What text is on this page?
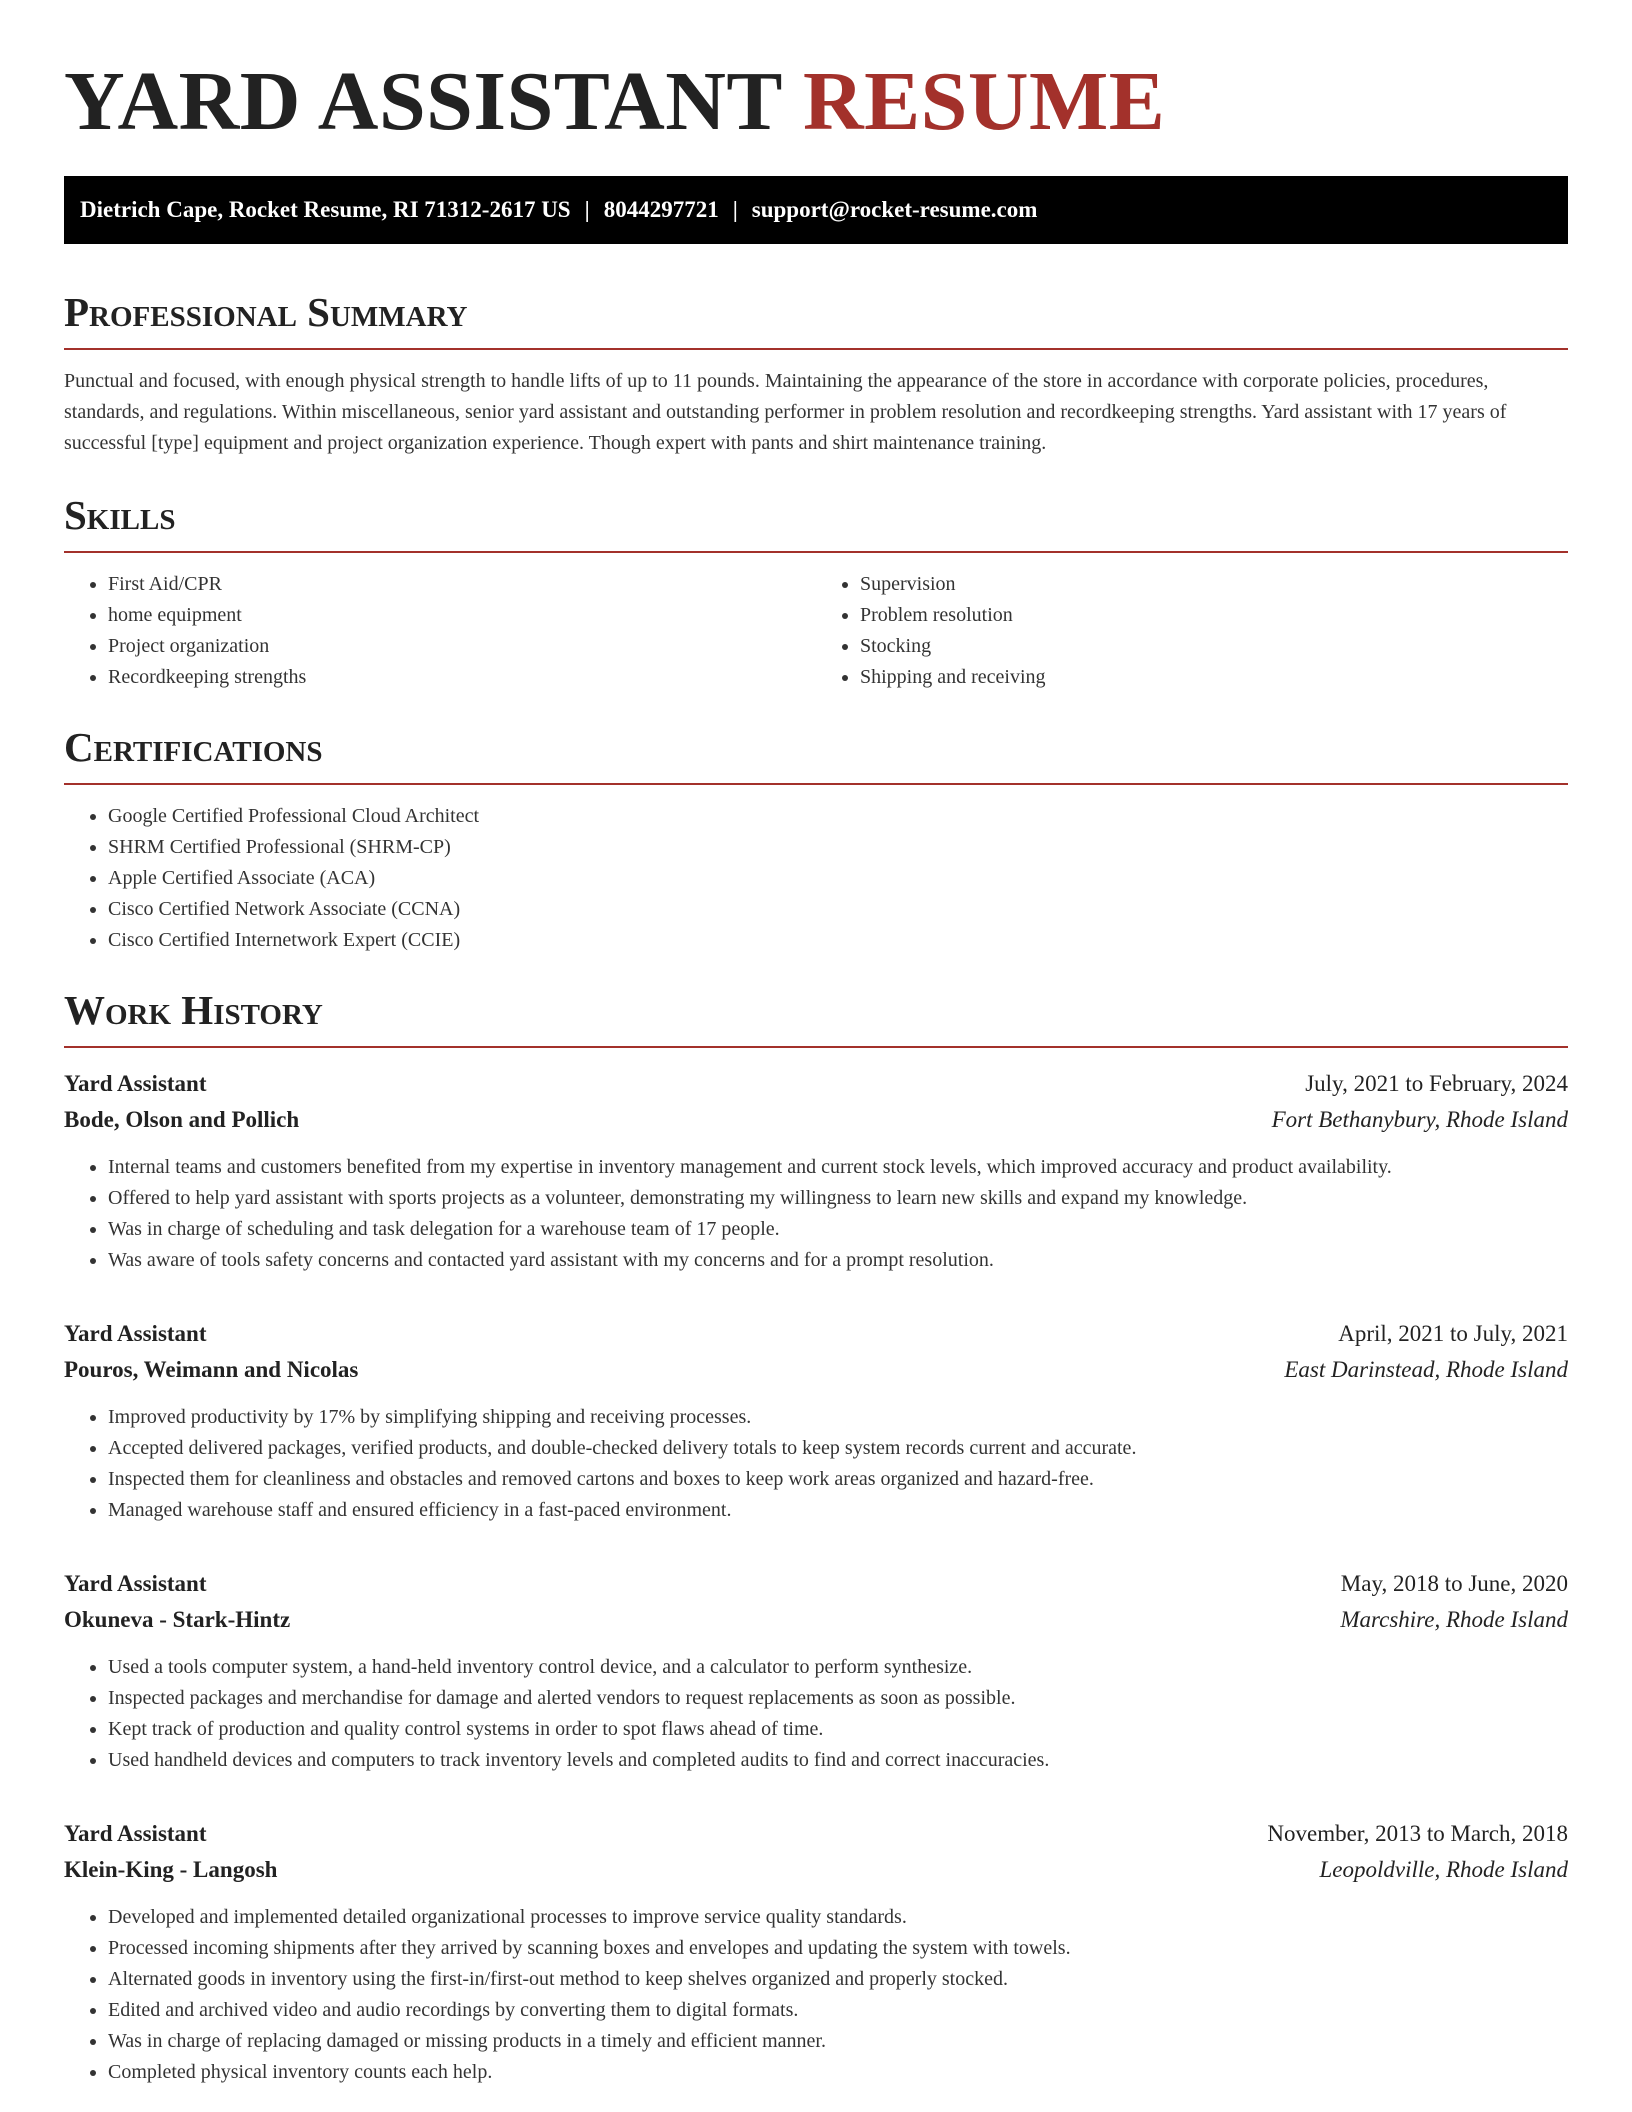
YARD ASSISTANT RESUME
Dietrich Cape, Rocket Resume, RI 71312-2617 US | 8044297721 | support@rocket-resume.com
Professional Summary

Punctual and focused, with enough physical strength to handle lifts of up to 11 pounds. Maintaining the appearance of the store in accordance with corporate policies, procedures, standards, and regulations. Within miscellaneous, senior yard assistant and outstanding performer in problem resolution and recordkeeping strengths. Yard assistant with 17 years of successful [type] equipment and project organization experience. Though expert with pants and shirt maintenance training.

Skills
• First Aid/CPR
• home equipment
• Project organization
• Recordkeeping strengths
• Supervision
• Problem resolution
• Stocking
• Shipping and receiving
Certifications
• Google Certified Professional Cloud Architect
• SHRM Certified Professional (SHRM-CP)
• Apple Certified Associate (ACA)
• Cisco Certified Network Associate (CCNA)
• Cisco Certified Internetwork Expert (CCIE)
Work History
Yard Assistant	July, 2021 to February, 2024
Bode, Olson and Pollich	Fort Bethanybury, Rhode Island
• Internal teams and customers benefited from my expertise in inventory management and current stock levels, which improved accuracy and product availability.
• Offered to help yard assistant with sports projects as a volunteer, demonstrating my willingness to learn new skills and expand my knowledge.
• Was in charge of scheduling and task delegation for a warehouse team of 17 people.
• Was aware of tools safety concerns and contacted yard assistant with my concerns and for a prompt resolution.
Yard Assistant	April, 2021 to July, 2021
Pouros, Weimann and Nicolas	East Darinstead, Rhode Island
• Improved productivity by 17% by simplifying shipping and receiving processes.
• Accepted delivered packages, verified products, and double-checked delivery totals to keep system records current and accurate.
• Inspected them for cleanliness and obstacles and removed cartons and boxes to keep work areas organized and hazard-free.
• Managed warehouse staff and ensured efficiency in a fast-paced environment.
Yard Assistant	May, 2018 to June, 2020
Okuneva - Stark-Hintz	Marcshire, Rhode Island
• Used a tools computer system, a hand-held inventory control device, and a calculator to perform synthesize.
• Inspected packages and merchandise for damage and alerted vendors to request replacements as soon as possible.
• Kept track of production and quality control systems in order to spot flaws ahead of time.
• Used handheld devices and computers to track inventory levels and completed audits to find and correct inaccuracies.
Yard Assistant	November, 2013 to March, 2018
Klein-King - Langosh	Leopoldville, Rhode Island
• Developed and implemented detailed organizational processes to improve service quality standards.
• Processed incoming shipments after they arrived by scanning boxes and envelopes and updating the system with towels.
• Alternated goods in inventory using the first-in/first-out method to keep shelves organized and properly stocked.
• Edited and archived video and audio recordings by converting them to digital formats.
• Was in charge of replacing damaged or missing products in a timely and efficient manner.
• Completed physical inventory counts each help.
